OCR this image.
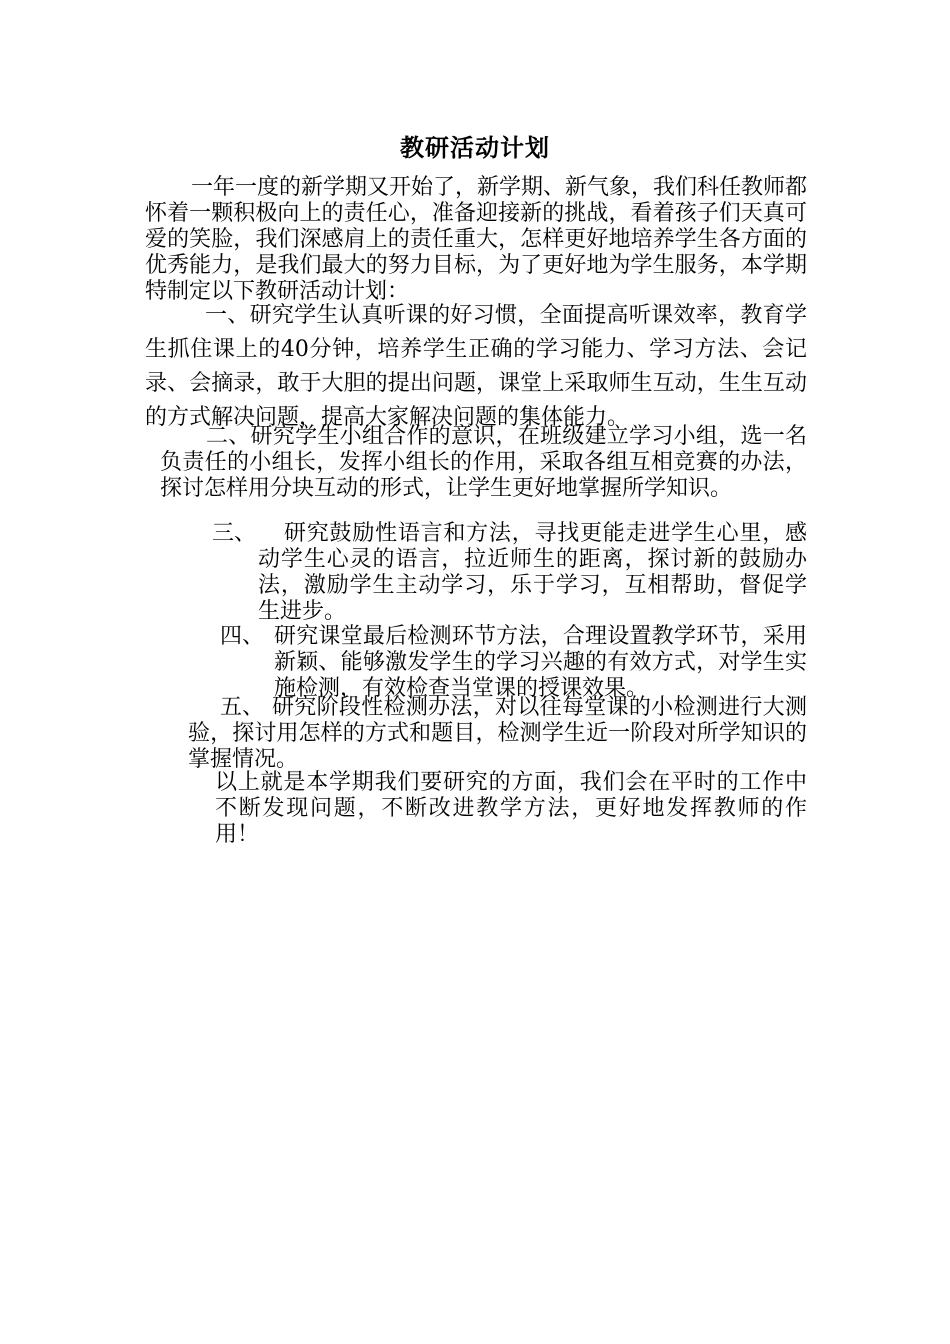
教研活动计划

一年一度的新学期又开始了，新学期、新气象，我们科任教师都怀着一颗积极向上的责任心，准备迎接新的挑战，看着孩子们天真可爱的笑脸，我们深感肩上的责任重大，怎样更好地培养学生各方面的优秀能力，是我们最大的努力目标，为了更好地为学生服务，本学期特制定以下教研活动计划：

一、研究学生认真听课的好习惯，全面提高听课效率，教育学生抓住课上的40分钟，培养学生正确的学习能力、学习方法、会记录、会摘录，敢于大胆的提出问题，课堂上采取师生互动，生生互动的方式解决问题，提高大家解决问题的集体能力。

二、研究学生小组合作的意识，在班级建立学习小组，选一名负责任的小组长，发挥小组长的作用，采取各组互相竞赛的办法，探讨怎样用分块互动的形式，让学生更好地掌握所学知识。

三、	研究鼓励性语言和方法，寻找更能走进学生心里，感动学生心灵的语言，拉近师生的距离，探讨新的鼓励办法，激励学生主动学习，乐于学习，互相帮助，督促学生进步。
四、 研究课堂最后检测环节方法，合理设置教学环节，采用新颖、能够激发学生的学习兴趣的有效方式，对学生实施检测，有效检查当堂课的授课效果。
五、 研究阶段性检测办法，对以往每堂课的小检测进行大测验，探讨用怎样的方式和题目，检测学生近一阶段对所学知识的掌握情况。

以上就是本学期我们要研究的方面，我们会在平时的工作中不断发现问题，不断改进教学方法，更好地发挥教师的作用！
